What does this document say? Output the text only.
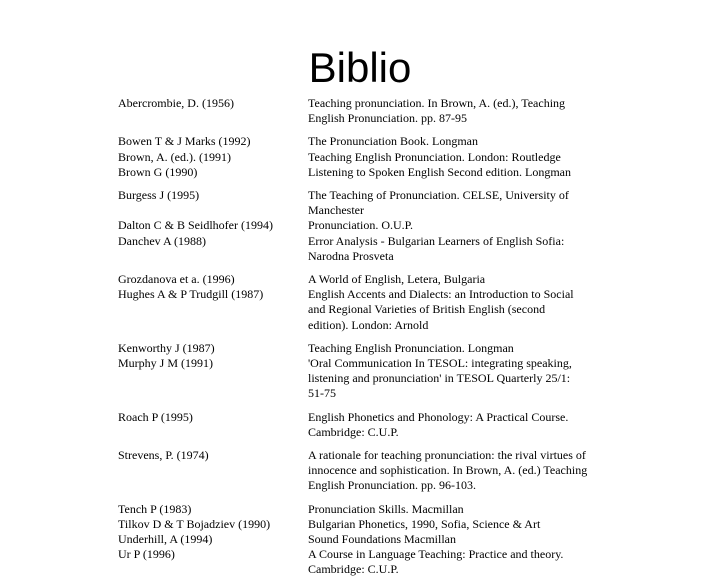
Biblio
Abercrombie, D. (1956)	Teaching pronunciation. In Brown, A. (ed.), Teaching English Pronunciation. pp. 87-95
Bowen T & J Marks (1992)	The Pronunciation Book. Longman
Brown, A. (ed.). (1991)	Teaching English Pronunciation. London: Routledge
Brown G (1990)	Listening to Spoken English Second edition. Longman
Burgess J (1995)	The Teaching of Pronunciation. CELSE, University of Manchester
Dalton C & B Seidlhofer (1994)	Pronunciation. O.U.P.
Danchev A (1988)	Error Analysis - Bulgarian Learners of English Sofia: Narodna Prosveta
Grozdanova et a. (1996)	A World of English, Letera, Bulgaria
Hughes A & P Trudgill (1987)	English Accents and Dialects: an Introduction to Social and Regional Varieties of British English (second edition). London: Arnold
Kenworthy J (1987)	Teaching English Pronunciation. Longman
Murphy J M (1991)	'Oral Communication In TESOL: integrating speaking, listening and pronunciation' in TESOL Quarterly 25/1: 51-75
Roach P (1995)	English Phonetics and Phonology: A Practical Course. Cambridge: C.U.P.
Strevens, P. (1974)	A rationale for teaching pronunciation: the rival virtues of innocence and sophistication. In Brown, A. (ed.) Teaching English Pronunciation. pp. 96-103.
Tench P (1983)	Pronunciation Skills. Macmillan
Tilkov D & T Bojadziev (1990)	Bulgarian Phonetics, 1990, Sofia, Science & Art
Underhill, A (1994)	Sound Foundations Macmillan
Ur P (1996)	A Course in Language Teaching: Practice and theory. Cambridge: C.U.P.
